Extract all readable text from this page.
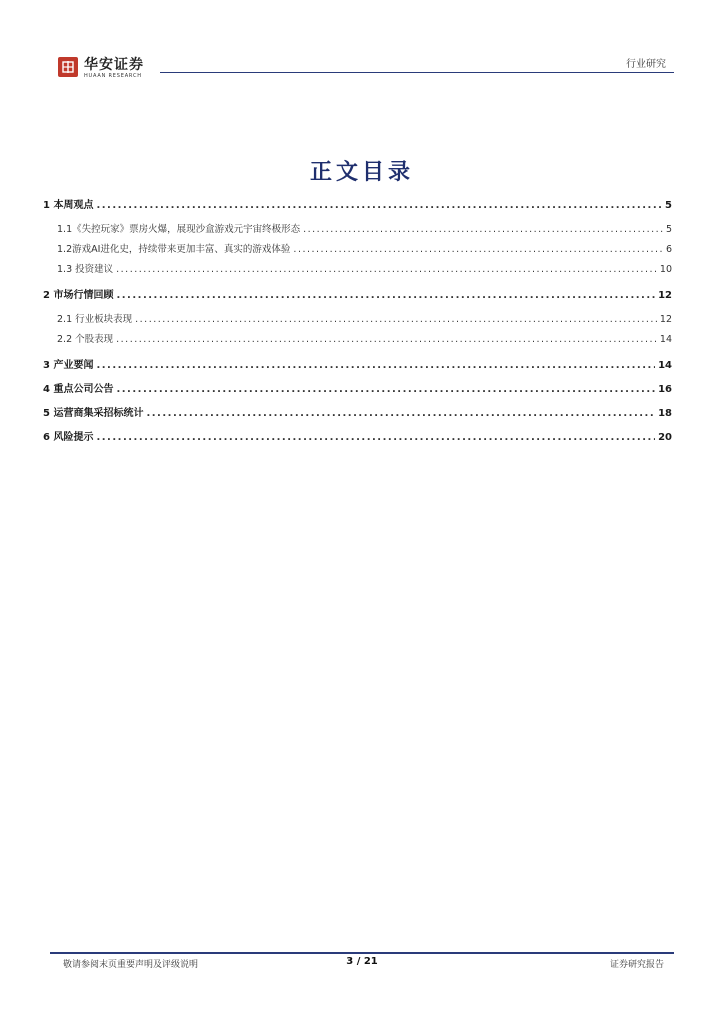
华安证券
HUAAN RESEARCH
行业研究
正文目录
1 本周观点 .....	5
1.1《失控玩家》票房火爆，展现沙盒游戏元宇宙终极形态 .....	5
1.2游戏AI进化史，持续带来更加丰富、真实的游戏体验 .....	6
1.3 投资建议 .....	10
2 市场行情回顾 .....	12
2.1 行业板块表现 .....	12
2.2 个股表现 .....	14
3 产业要闻 .....	14
4 重点公司公告 .....	16
5 运营商集采招标统计 .....	18
6 风险提示 .....	20
敬请参阅末页重要声明及评级说明	3 / 21	证券研究报告
